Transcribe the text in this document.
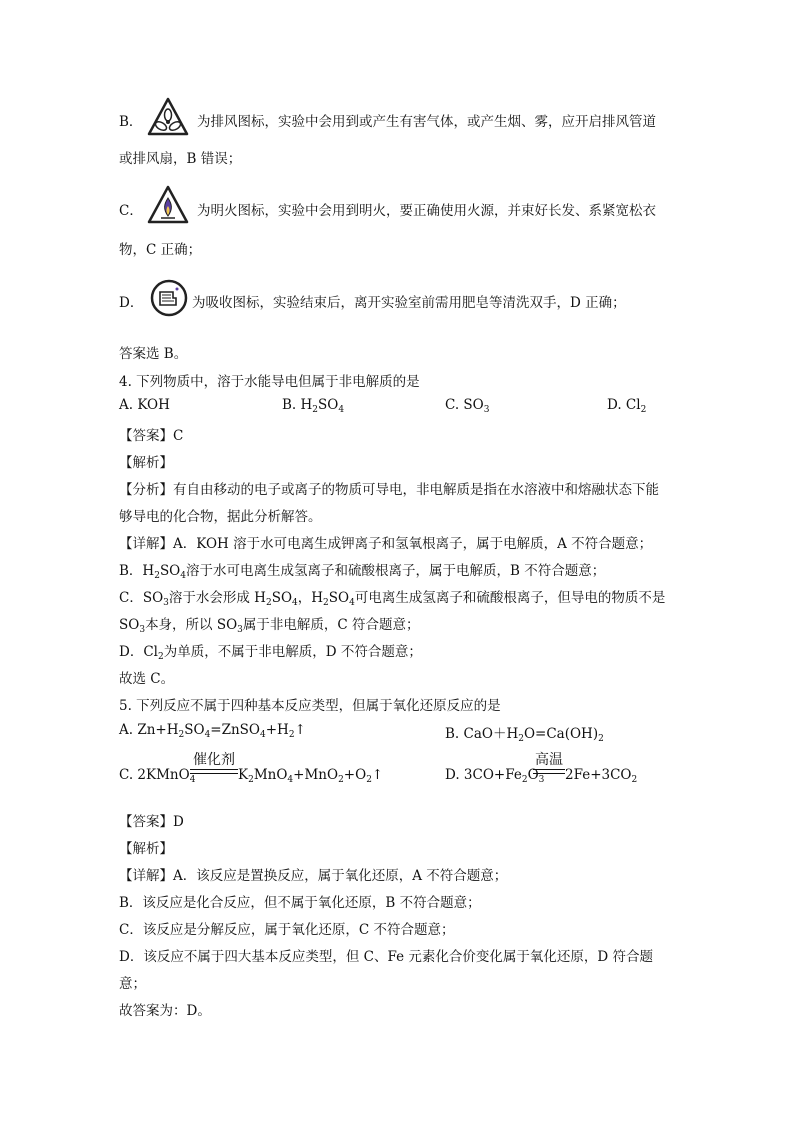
B．	为排风图标，实验中会用到或产生有害气体，或产生烟、雾，应开启排风管道
或排风扇，B 错误；
C．	为明火图标，实验中会用到明火，要正确使用火源，并束好长发、系紧宽松衣
物，C 正确；
D．	为吸收图标，实验结束后，离开实验室前需用肥皂等清洗双手，D 正确；
答案选 B。
4. 下列物质中，溶于水能导电但属于非电解质的是
A. KOH	B. $H_2SO_4$	C. $SO_3$	D. $Cl_2$
【答案】C
【解析】
【分析】有自由移动的电子或离子的物质可导电，非电解质是指在水溶液中和熔融状态下能
够导电的化合物，据此分析解答。
【详解】A．KOH 溶于水可电离生成钾离子和氢氧根离子，属于电解质，A 不符合题意；
B．$H_2SO_4$溶于水可电离生成氢离子和硫酸根离子，属于电解质，B 不符合题意；
C．$SO_3$溶于水会形成 $H_2SO_4$，$H_2SO_4$可电离生成氢离子和硫酸根离子，但导电的物质不是
$SO_3$本身，所以 $SO_3$属于非电解质，C 符合题意；
D．$Cl_2$为单质，不属于非电解质，D 不符合题意；
故选 C。
5. 下列反应不属于四种基本反应类型，但属于氧化还原反应的是
A. $Zn+H_2SO_4=ZnSO_4+H_2↑$	B. $CaO+H_2O=Ca(OH)_2$
C. 2KMnO$_4$
催化剂
$K_2MnO_4+MnO_2+O_2↑$	D. $3CO+Fe_2O_3$
高温
$2Fe+3CO_2$
【答案】D
【解析】
【详解】A．该反应是置换反应，属于氧化还原，A 不符合题意；
B．该反应是化合反应，但不属于氧化还原，B 不符合题意；
C．该反应是分解反应，属于氧化还原，C 不符合题意；
D．该反应不属于四大基本反应类型，但 C、Fe 元素化合价变化属于氧化还原，D 符合题
意；
故答案为：D。
